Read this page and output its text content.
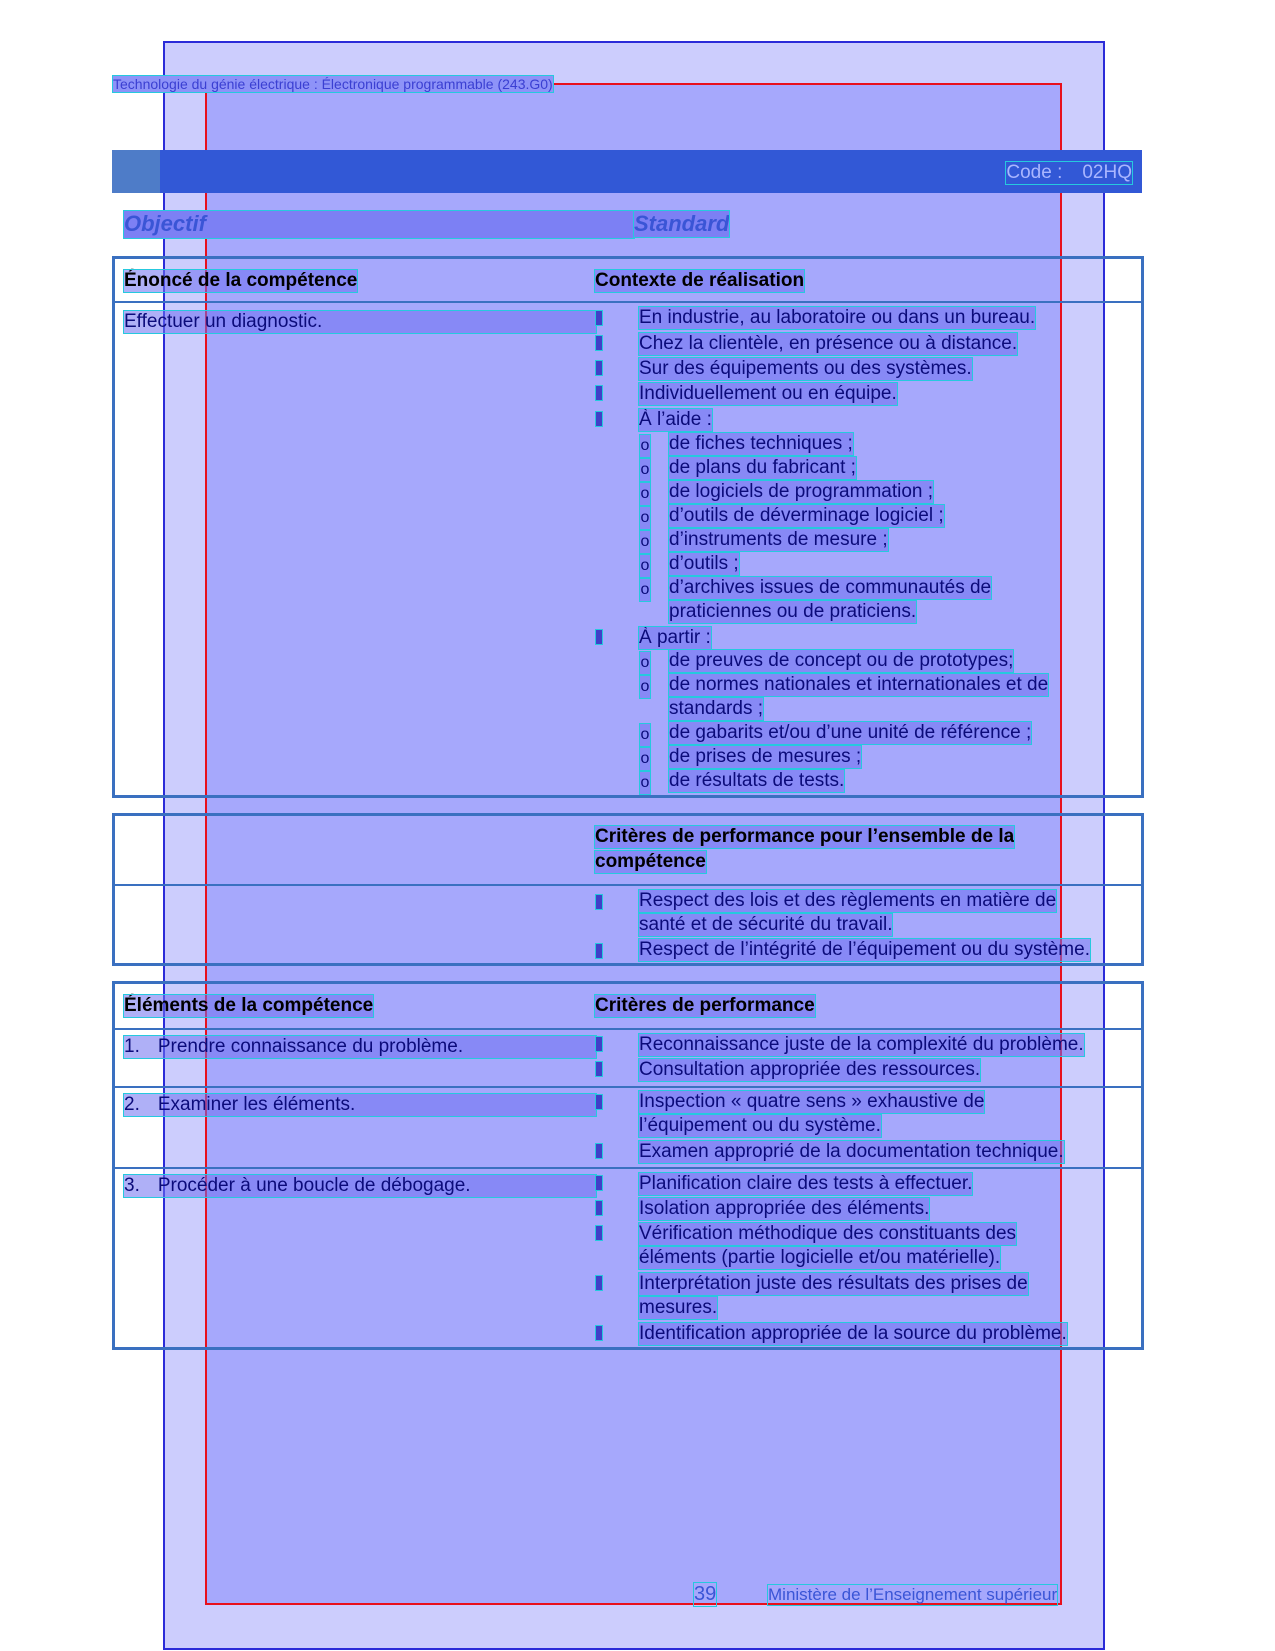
Technologie du génie électrique : Électronique programmable (243.G0)
Code : 02HQ
Objectif	Standard
Énoncé de la compétence	Contexte de réalisation
Effectuer un diagnostic.	En industrie, au laboratoire ou dans un bureau.
Chez la clientèle, en présence ou à distance.
Sur des équipements ou des systèmes.
Individuellement ou en équipe.
À l’aide :
o de fiches techniques ;
o de plans du fabricant ;
o de logiciels de programmation ;
o d’outils de déverminage logiciel ;
o d’instruments de mesure ;
o d’outils ;
o d’archives issues de communautés de
praticiennes ou de praticiens.
À partir :
o de preuves de concept ou de prototypes;
o de normes nationales et internationales et de
standards ;
o de gabarits et/ou d’une unité de référence ;
o de prises de mesures ;
o de résultats de tests.
Critères de performance pour l’ensemble de la
compétence
Respect des lois et des règlements en matière de
santé et de sécurité du travail.
Respect de l’intégrité de l’équipement ou du système.
Éléments de la compétence	Critères de performance
1. Prendre connaissance du problème.	Reconnaissance juste de la complexité du problème.
Consultation appropriée des ressources.
2. Examiner les éléments.	Inspection « quatre sens » exhaustive de
l’équipement ou du système.
Examen approprié de la documentation technique.
3. Procéder à une boucle de débogage.	Planification claire des tests à effectuer.
Isolation appropriée des éléments.
Vérification méthodique des constituants des
éléments (partie logicielle et/ou matérielle).
Interprétation juste des résultats des prises de
mesures.
Identification appropriée de la source du problème.
39	Ministère de l’Enseignement supérieur
